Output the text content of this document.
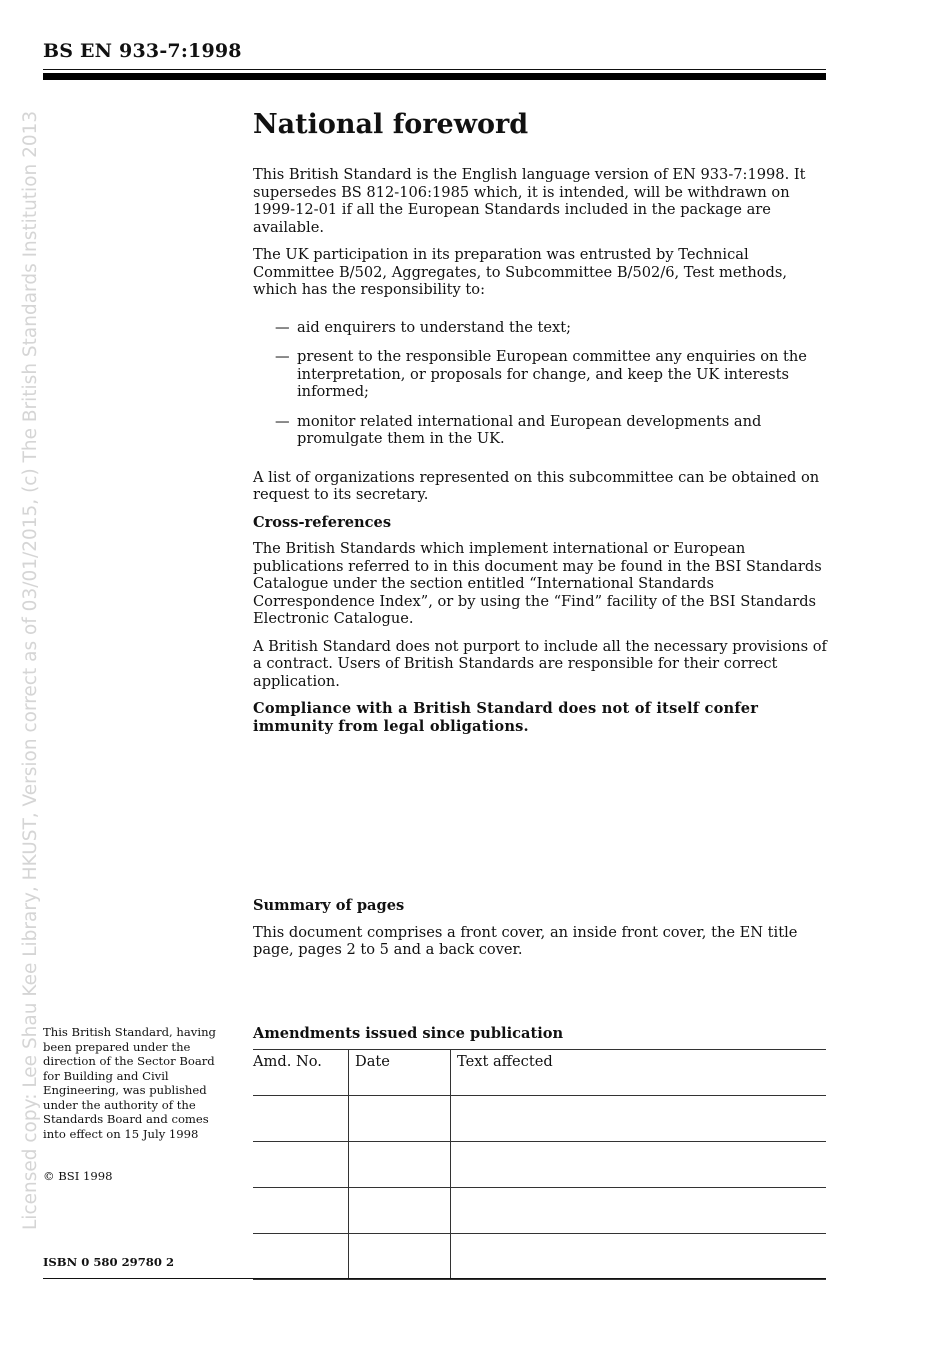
BS EN 933-7:1998
Licensed copy: Lee Shau Kee Library, HKUST, Version correct as of 03/01/2015, (c) The British Standards Institution 2013	National foreword

This British Standard is the English language version of EN 933-7:1998. It supersedes BS 812-106:1985 which, it is intended, will be withdrawn on 1999-12-01 if all the European Standards included in the package are available.

The UK participation in its preparation was entrusted by Technical Committee B/502, Aggregates, to Subcommittee B/502/6, Test methods, which has the responsibility to:

— aid enquirers to understand the text;
— present to the responsible European committee any enquiries on the interpretation, or proposals for change, and keep the UK interests informed;
— monitor related international and European developments and promulgate them in the UK.

A list of organizations represented on this subcommittee can be obtained on request to its secretary.

Cross-references

The British Standards which implement international or European publications referred to in this document may be found in the BSI Standards Catalogue under the section entitled “International Standards Correspondence Index”, or by using the “Find” facility of the BSI Standards Electronic Catalogue.

A British Standard does not purport to include all the necessary provisions of a contract. Users of British Standards are responsible for their correct application.

Compliance with a British Standard does not of itself confer immunity from legal obligations.

Summary of pages

This document comprises a front cover, an inside front cover, the EN title page, pages 2 to 5 and a back cover.

This British Standard, having been prepared under the direction of the Sector Board for Building and Civil Engineering, was published under the authority of the Standards Board and comes into effect on 15 July 1998
© BSI 1998
ISBN 0 580 29780 2
Amendments issued since publication
Amd. No.	Date	Text affected
